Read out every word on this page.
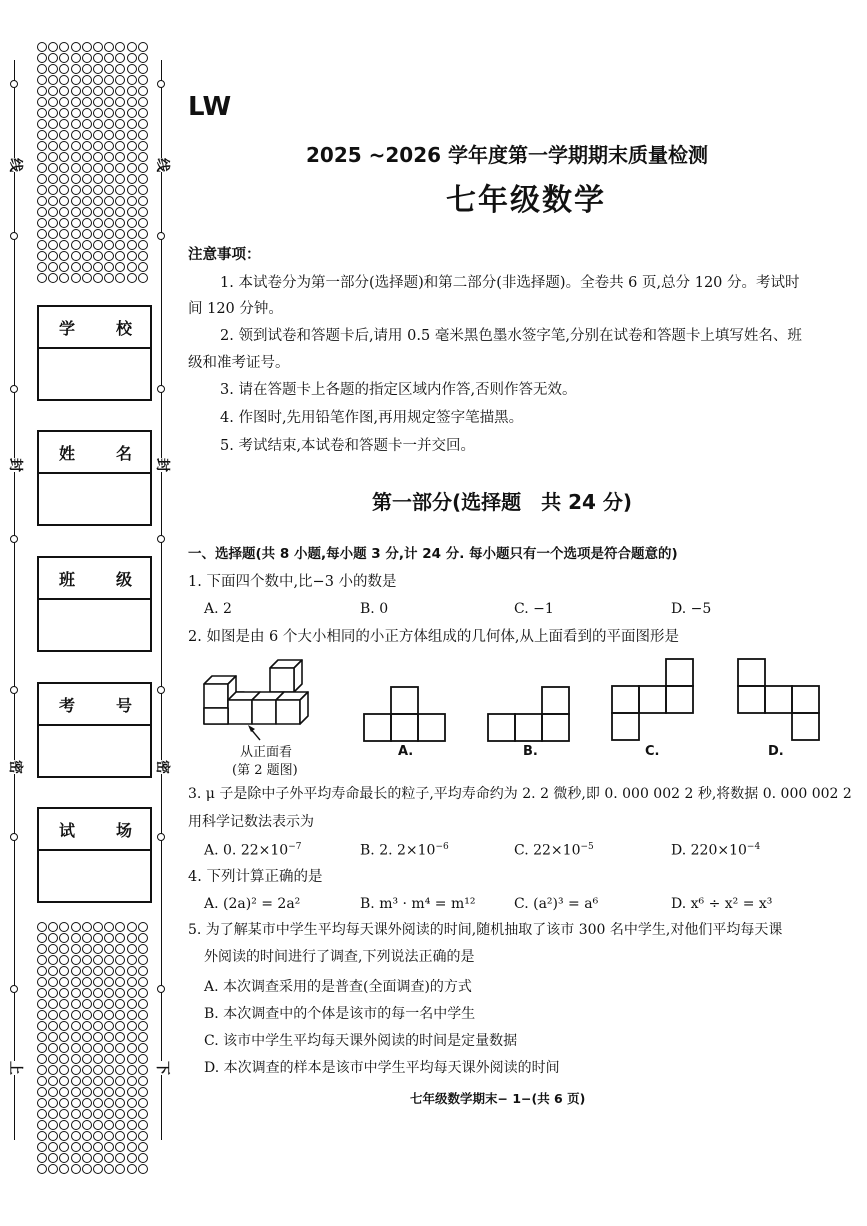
线	线
封	封
密	密
上	下
学	校
姓	名
班	级
考	号
试	场
LW
2025 ~2026 学年度第一学期期末质量检测
七年级数学
注意事项：
1. 本试卷分为第一部分(选择题)和第二部分(非选择题)。全卷共 6 页,总分 120 分。考试时
间 120 分钟。
2. 领到试卷和答题卡后,请用 0.5 毫米黑色墨水签字笔,分别在试卷和答题卡上填写姓名、班
级和准考证号。
3. 请在答题卡上各题的指定区域内作答,否则作答无效。
4. 作图时,先用铅笔作图,再用规定签字笔描黑。
5. 考试结束,本试卷和答题卡一并交回。
第一部分(选择题　共 24 分)
一、选择题(共 8 小题,每小题 3 分,计 24 分. 每小题只有一个选项是符合题意的)
1. 下面四个数中,比−3 小的数是
A. 2	B. 0	C. −1	D. −5
2. 如图是由 6 个大小相同的小正方体组成的几何体,从上面看到的平面图形是
从正面看
(第 2 题图)
A.	B.	C.	D.
3. μ 子是除中子外平均寿命最长的粒子,平均寿命约为 2. 2 微秒,即 0. 000 002 2 秒,将数据 0. 000 002 2
用科学记数法表示为
A. 0. $22\times 10^{-7}$	B. 2. $2\times 10^{-6}$	C. $22\times 10^{-5}$	D. $220\times 10^{-4}$
4. 下列计算正确的是
A. (2a)² = 2a²	B. m³ · m⁴ = m¹²	C. (a²)³ = a⁶	D. x⁶ ÷ x² = x³
5. 为了解某市中学生平均每天课外阅读的时间,随机抽取了该市 300 名中学生,对他们平均每天课
外阅读的时间进行了调查,下列说法正确的是
A. 本次调查采用的是普查(全面调查)的方式
B. 本次调查中的个体是该市的每一名中学生
C. 该市中学生平均每天课外阅读的时间是定量数据
D. 本次调查的样本是该市中学生平均每天课外阅读的时间
七年级数学期末− 1−(共 6 页)
